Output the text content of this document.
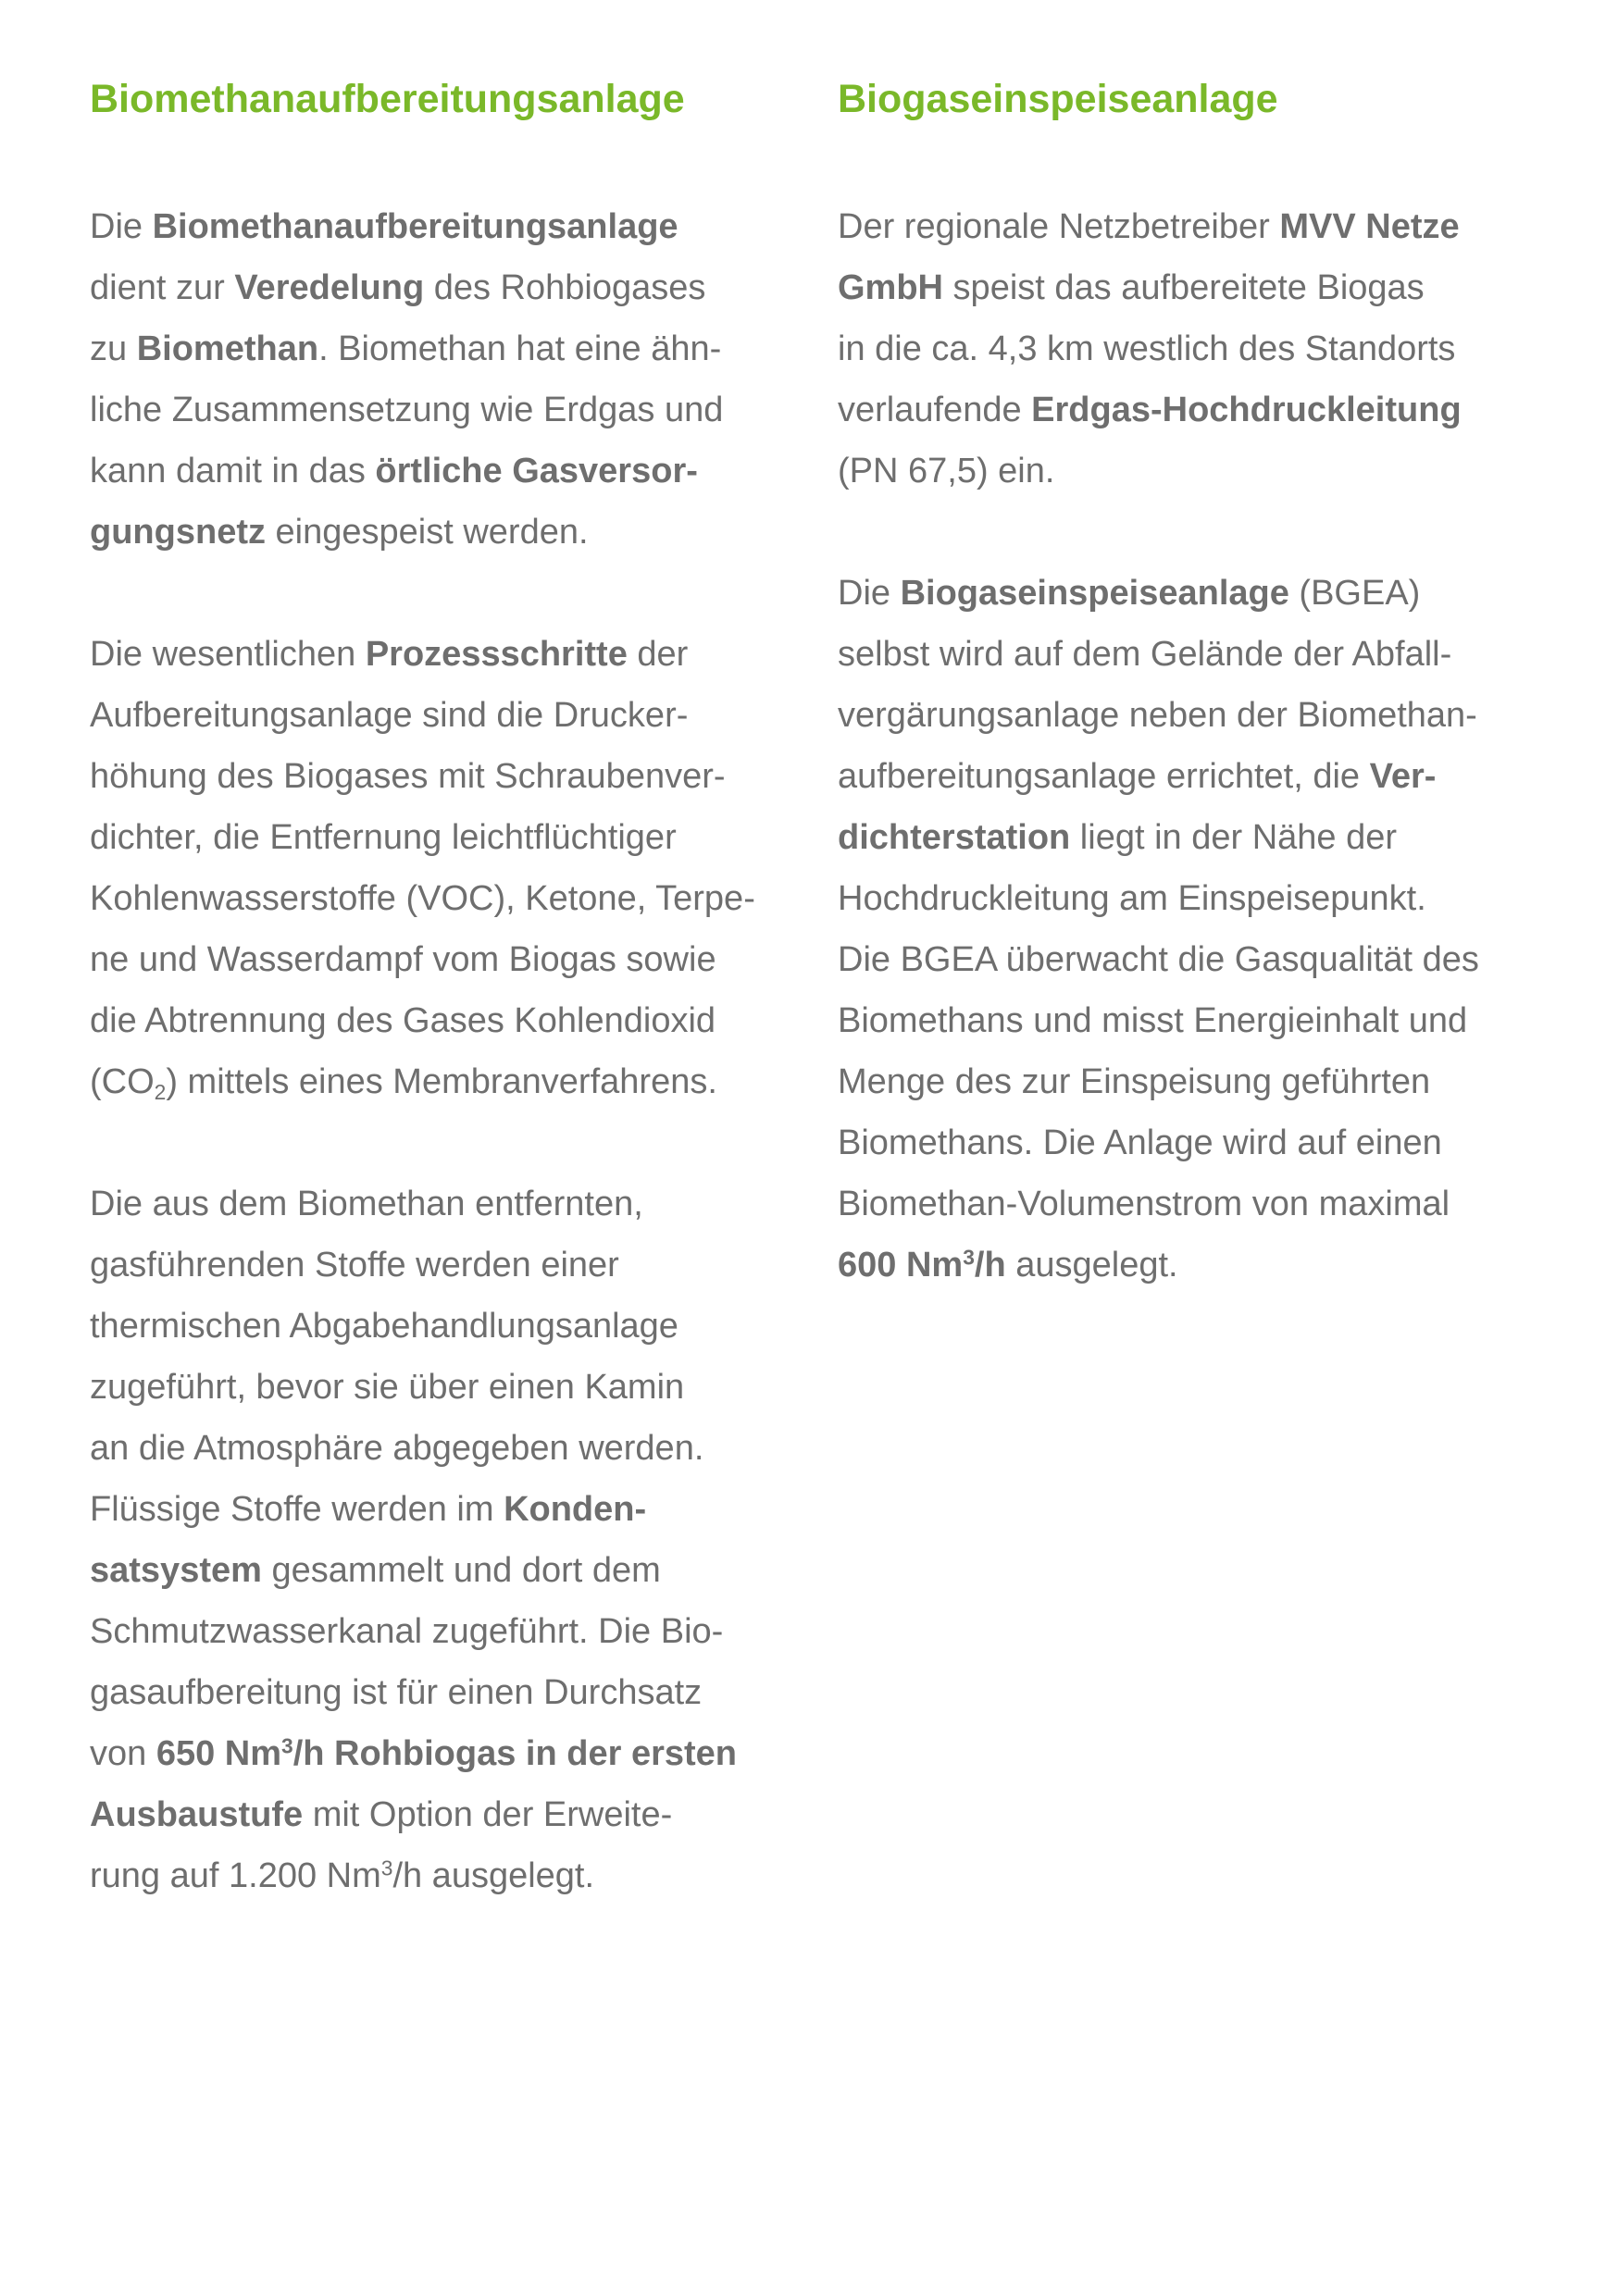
Biomethanaufbereitungsanlage

Die Biomethanaufbereitungsanlage
dient zur Veredelung des Rohbiogases
zu Biomethan. Biomethan hat eine ähn-
liche Zusammensetzung wie Erdgas und
kann damit in das örtliche Gasversor-
gungsnetz eingespeist werden.

Die wesentlichen Prozessschritte der
Aufbereitungsanlage sind die Drucker-
höhung des Biogases mit Schraubenver-
dichter, die Entfernung leichtflüchtiger
Kohlenwasserstoffe (VOC), Ketone, Terpe-
ne und Wasserdampf vom Biogas sowie
die Abtrennung des Gases Kohlendioxid
$(CO_2)$ mittels eines Membranverfahrens.

Die aus dem Biomethan entfernten,
gasführenden Stoffe werden einer
thermischen Abgabehandlungsanlage
zugeführt, bevor sie über einen Kamin
an die Atmosphäre abgegeben werden.
Flüssige Stoffe werden im Konden-
satsystem gesammelt und dort dem
Schmutzwasserkanal zugeführt. Die Bio-
gasaufbereitung ist für einen Durchsatz
von 650 Nm$^3$/h Rohbiogas in der ersten
Ausbaustufe mit Option der Erweite-
rung auf 1.200 Nm$^3$/h ausgelegt.

Biogaseinspeiseanlage

Der regionale Netzbetreiber MVV Netze
GmbH speist das aufbereitete Biogas
in die ca. 4,3 km westlich des Standorts
verlaufende Erdgas-Hochdruckleitung
(PN 67,5) ein.

Die Biogaseinspeiseanlage (BGEA)
selbst wird auf dem Gelände der Abfall-
vergärungsanlage neben der Biomethan-
aufbereitungsanlage errichtet, die Ver-
dichterstation liegt in der Nähe der
Hochdruckleitung am Einspeisepunkt.
Die BGEA überwacht die Gasqualität des
Biomethans und misst Energieinhalt und
Menge des zur Einspeisung geführten
Biomethans. Die Anlage wird auf einen
Biomethan-Volumenstrom von maximal
600 Nm$^3$/h ausgelegt.
